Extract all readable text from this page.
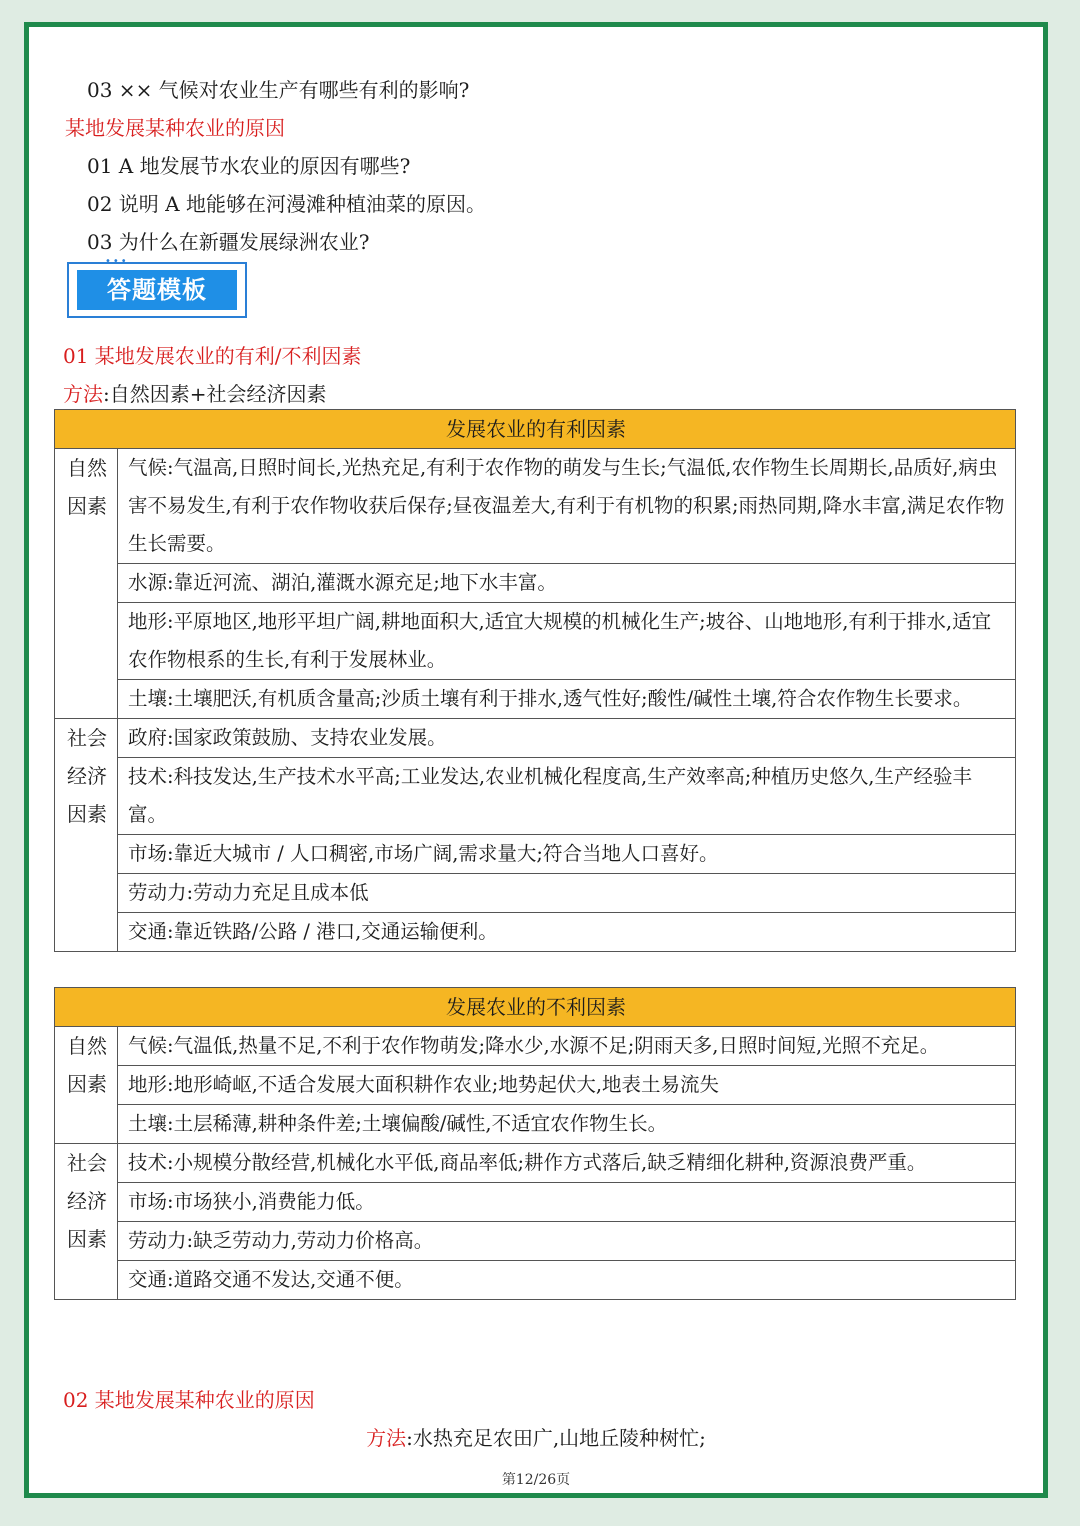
03 ×× 气候对农业生产有哪些有利的影响?
某地发展某种农业的原因
01 A 地发展节水农业的原因有哪些?
02 说明 A 地能够在河漫滩种植油菜的原因。
03 为什么在新疆发展绿洲农业?
•••
答题模板
01 某地发展农业的有利/不利因素
方法:自然因素+社会经济因素
发展农业的有利因素	

自然因素	气候:气温高,日照时间长,光热充足,有利于农作物的萌发与生长;气温低,农作物生长周期长,品质好,病虫害不易发生,有利于农作物收获后保存;昼夜温差大,有利于有机物的积累;雨热同期,降水丰富,满足农作物生长需要。
	水源:靠近河流、湖泊,灌溉水源充足;地下水丰富。
	地形:平原地区,地形平坦广阔,耕地面积大,适宜大规模的机械化生产;坡谷、山地地形,有利于排水,适宜农作物根系的生长,有利于发展林业。
	土壤:土壤肥沃,有机质含量高;沙质土壤有利于排水,透气性好;酸性/碱性土壤,符合农作物生长要求。

社会经济因素	政府:国家政策鼓励、支持农业发展。
	技术:科技发达,生产技术水平高;工业发达,农业机械化程度高,生产效率高;种植历史悠久,生产经验丰富。
	市场:靠近大城市 / 人口稠密,市场广阔,需求量大;符合当地人口喜好。
	劳动力:劳动力充足且成本低
	交通:靠近铁路/公路 / 港口,交通运输便利。
发展农业的不利因素	

自然因素	气候:气温低,热量不足,不利于农作物萌发;降水少,水源不足;阴雨天多,日照时间短,光照不充足。
	地形:地形崎岖,不适合发展大面积耕作农业;地势起伏大,地表土易流失
	土壤:土层稀薄,耕种条件差;土壤偏酸/碱性,不适宜农作物生长。

社会经济因素	技术:小规模分散经营,机械化水平低,商品率低;耕作方式落后,缺乏精细化耕种,资源浪费严重。
	市场:市场狭小,消费能力低。
	劳动力:缺乏劳动力,劳动力价格高。
	交通:道路交通不发达,交通不便。
02 某地发展某种农业的原因
方法:水热充足农田广,山地丘陵种树忙;
第12/26页
